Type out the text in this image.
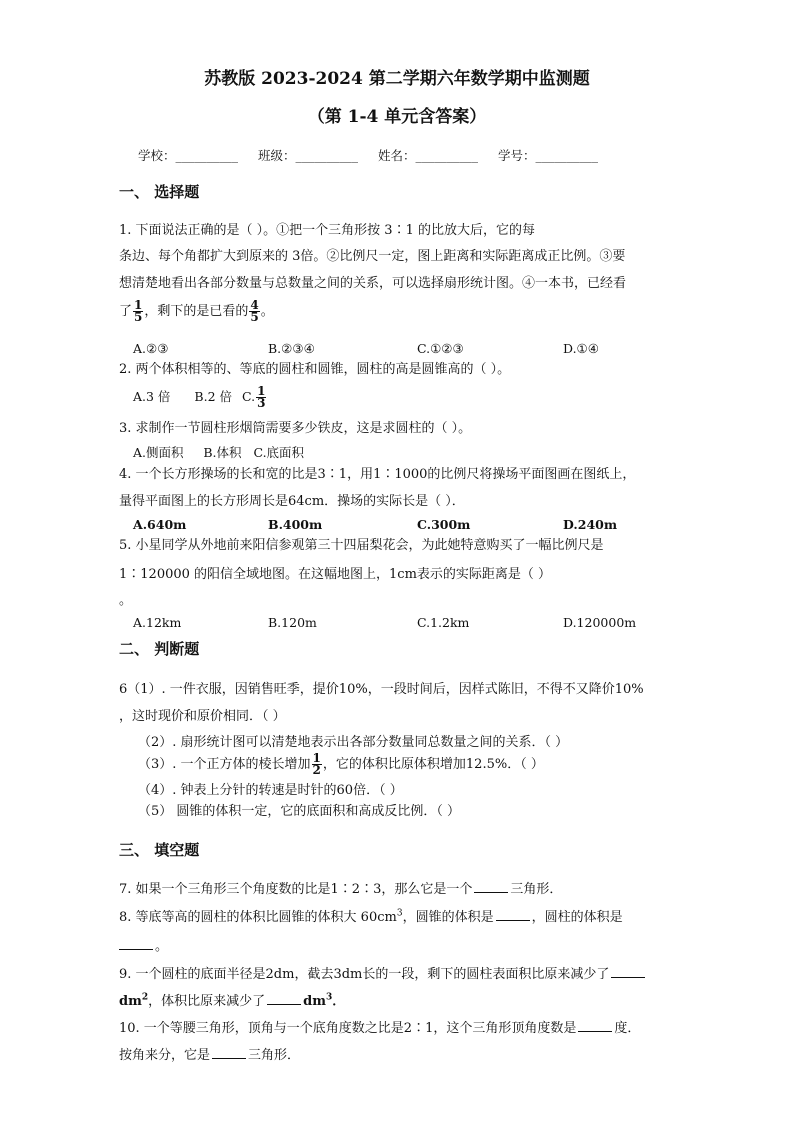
苏教版 2023-2024 第二学期六年数学期中监测题
（第 1-4 单元含答案）
学校：__________ 班级：__________ 姓名：__________ 学号：__________
一、 选择题
1. 下面说法正确的是（ ）。①把一个三角形按 3∶1 的比放大后，它的每
条边、每个角都扩大到原来的 3倍。②比例尺一定，图上距离和实际距离成正比例。③要
想清楚地看出各部分数量与总数量之间的关系，可以选择扇形统计图。④一本书，已经看
了 $\frac{1}{5}$ ，剩下的是已看的 $\frac{4}{5}$ 。
A.②③	B.②③④	C.①②③	D.①④
2. 两个体积相等的、等底的圆柱和圆锥，圆柱的高是圆锥高的（ ）。
A.3 倍 B.2 倍 C. $\frac{1}{3}$
3. 求制作一节圆柱形烟筒需要多少铁皮，这是求圆柱的（ ）。
A.侧面积     B.体积   C.底面积
4. 一个长方形操场的长和宽的比是3∶1，用1∶1000的比例尺将操场平面图画在图纸上，
量得平面图上的长方形周长是64cm．操场的实际长是（ ）．
A.640m	B.400m	C.300m	D.240m
5. 小星同学从外地前来阳信参观第三十四届梨花会，为此她特意购买了一幅比例尺是
1∶120000 的阳信全域地图。在这幅地图上，1cm表示的实际距离是（ ）
。
A.12km	B.120m	C.1.2km	D.120000m
二、 判断题
6（1）. 一件衣服，因销售旺季，提价10%，一段时间后，因样式陈旧，不得不又降价10%
，这时现价和原价相同．（ ）
（2）. 扇形统计图可以清楚地表示出各部分数量同总数量之间的关系．（ ）
（3）. 一个正方体的棱长增加 $\frac{1}{2}$ ，它的体积比原体积增加12.5%．（ ）
（4）. 钟表上分针的转速是时针的60倍．（ ）
（5） 圆锥的体积一定，它的底面积和高成反比例．（ ）
三、 填空题
7. 如果一个三角形三个角度数的比是1∶2∶3，那么它是一个	三角形．
8. 等底等高的圆柱的体积比圆锥的体积大 $60cm^3$，圆锥的体积是	，圆柱的体积是
。
9. 一个圆柱的底面半径是2dm，截去3dm长的一段，剩下的圆柱表面积比原来减少了
$dm^2$，体积比原来减少了	$dm^3$．
10. 一个等腰三角形，顶角与一个底角度数之比是2∶1，这个三角形顶角度数是	度．
按角来分，它是	三角形．
